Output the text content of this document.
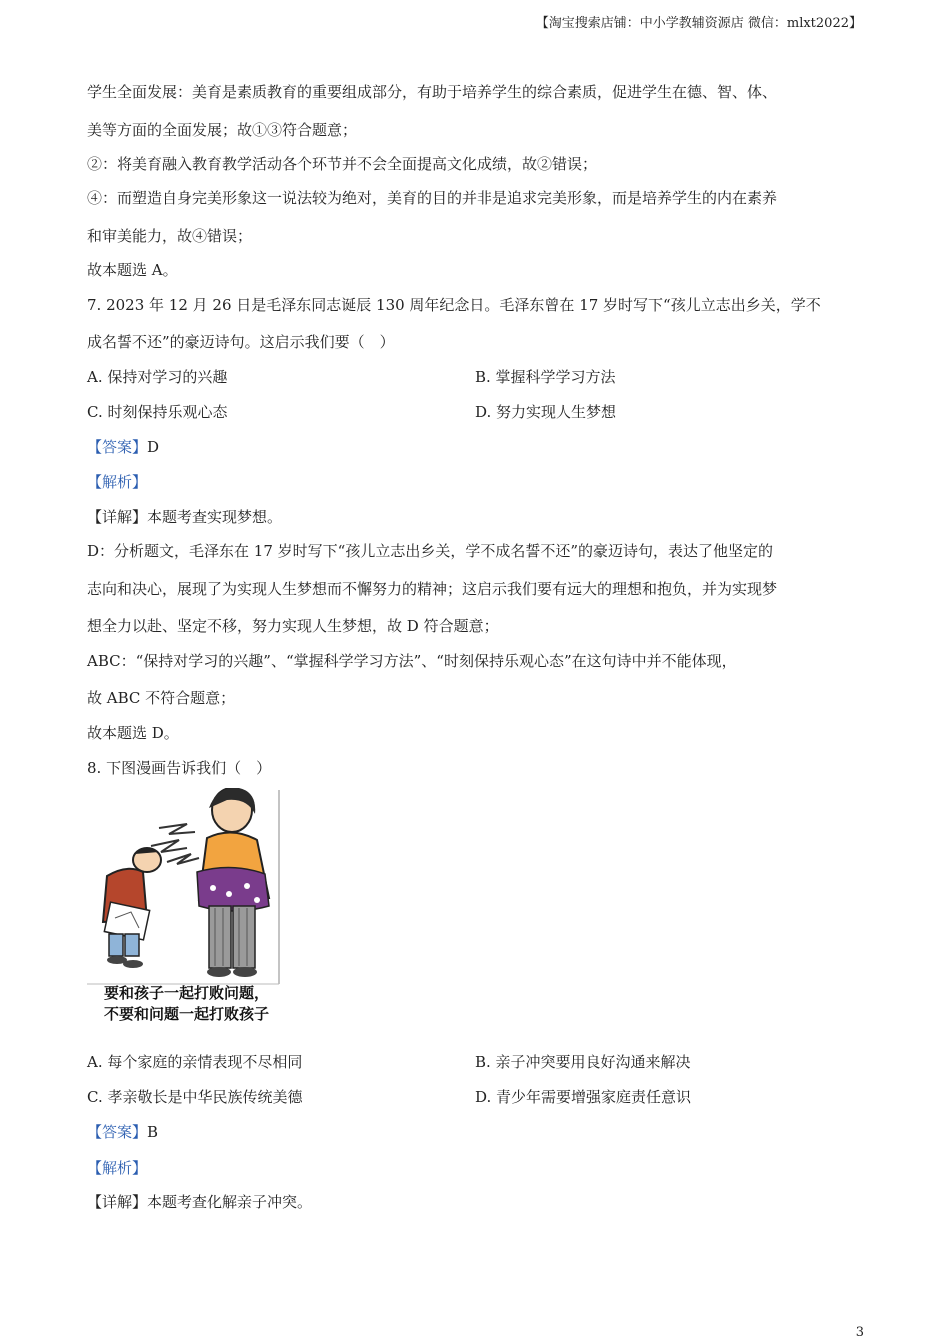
【淘宝搜索店铺：中小学教辅资源店 微信：mlxt2022】
学生全面发展：美育是素质教育的重要组成部分，有助于培养学生的综合素质，促进学生在德、智、体、
美等方面的全面发展；故①③符合题意；
②：将美育融入教育教学活动各个环节并不会全面提高文化成绩，故②错误；
④：而塑造自身完美形象这一说法较为绝对，美育的目的并非是追求完美形象，而是培养学生的内在素养
和审美能力，故④错误；
故本题选 A。
7. 2023 年 12 月 26 日是毛泽东同志诞辰 130 周年纪念日。毛泽东曾在 17 岁时写下“孩儿立志出乡关，学不
成名誓不还”的豪迈诗句。这启示我们要（　）
A. 保持对学习的兴趣	B. 掌握科学学习方法
C. 时刻保持乐观心态	D. 努力实现人生梦想
【答案】D
【解析】
【详解】本题考查实现梦想。
D：分析题文，毛泽东在 17 岁时写下“孩儿立志出乡关，学不成名誓不还”的豪迈诗句，表达了他坚定的
志向和决心，展现了为实现人生梦想而不懈努力的精神；这启示我们要有远大的理想和抱负，并为实现梦
想全力以赴、坚定不移，努力实现人生梦想，故 D 符合题意；
ABC：“保持对学习的兴趣”、“掌握科学学习方法”、“时刻保持乐观心态”在这句诗中并不能体现，
故 ABC 不符合题意；
故本题选 D。
8. 下图漫画告诉我们（　）
要和孩子一起打败问题，
不要和问题一起打败孩子
A. 每个家庭的亲情表现不尽相同	B. 亲子冲突要用良好沟通来解决
C. 孝亲敬长是中华民族传统美德	D. 青少年需要增强家庭责任意识
【答案】B
【解析】
【详解】本题考查化解亲子冲突。
3
